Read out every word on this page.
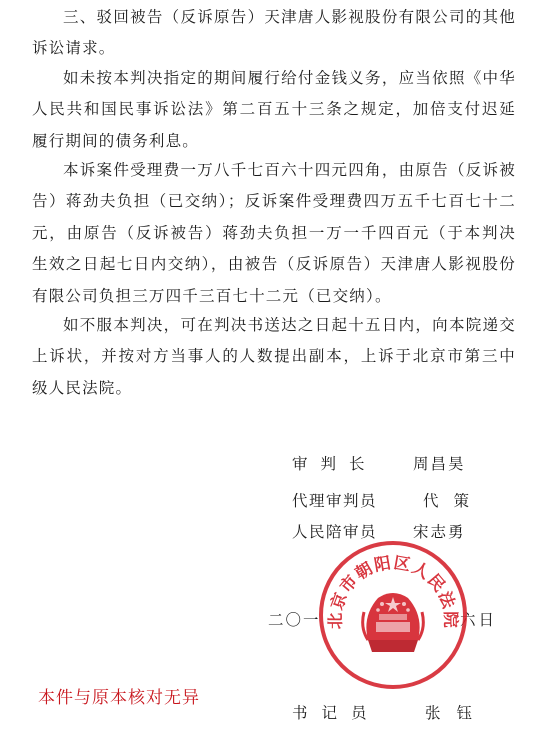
三、驳回被告（反诉原告）天津唐人影视股份有限公司的其他诉讼请求。

如未按本判决指定的期间履行给付金钱义务，应当依照《中华人民共和国民事诉讼法》第二百五十三条之规定，加倍支付迟延履行期间的债务利息。

本诉案件受理费一万八千七百六十四元四角，由原告（反诉被告）蒋劲夫负担（已交纳）；反诉案件受理费四万五千七百七十二元，由原告（反诉被告）蒋劲夫负担一万一千四百元（于本判决生效之日起七日内交纳），由被告（反诉原告）天津唐人影视股份有限公司负担三万四千三百七十二元（已交纳）。

如不服本判决，可在判决书送达之日起十五日内，向本院递交上诉状，并按对方当事人的人数提出副本，上诉于北京市第三中级人民法院。

审判长 周昌昊
代理审判员	代策
人民陪审员 宋志勇
二〇一	六日
北京市朝阳区人民法院
书记员	张钰
本件与原本核对无异
